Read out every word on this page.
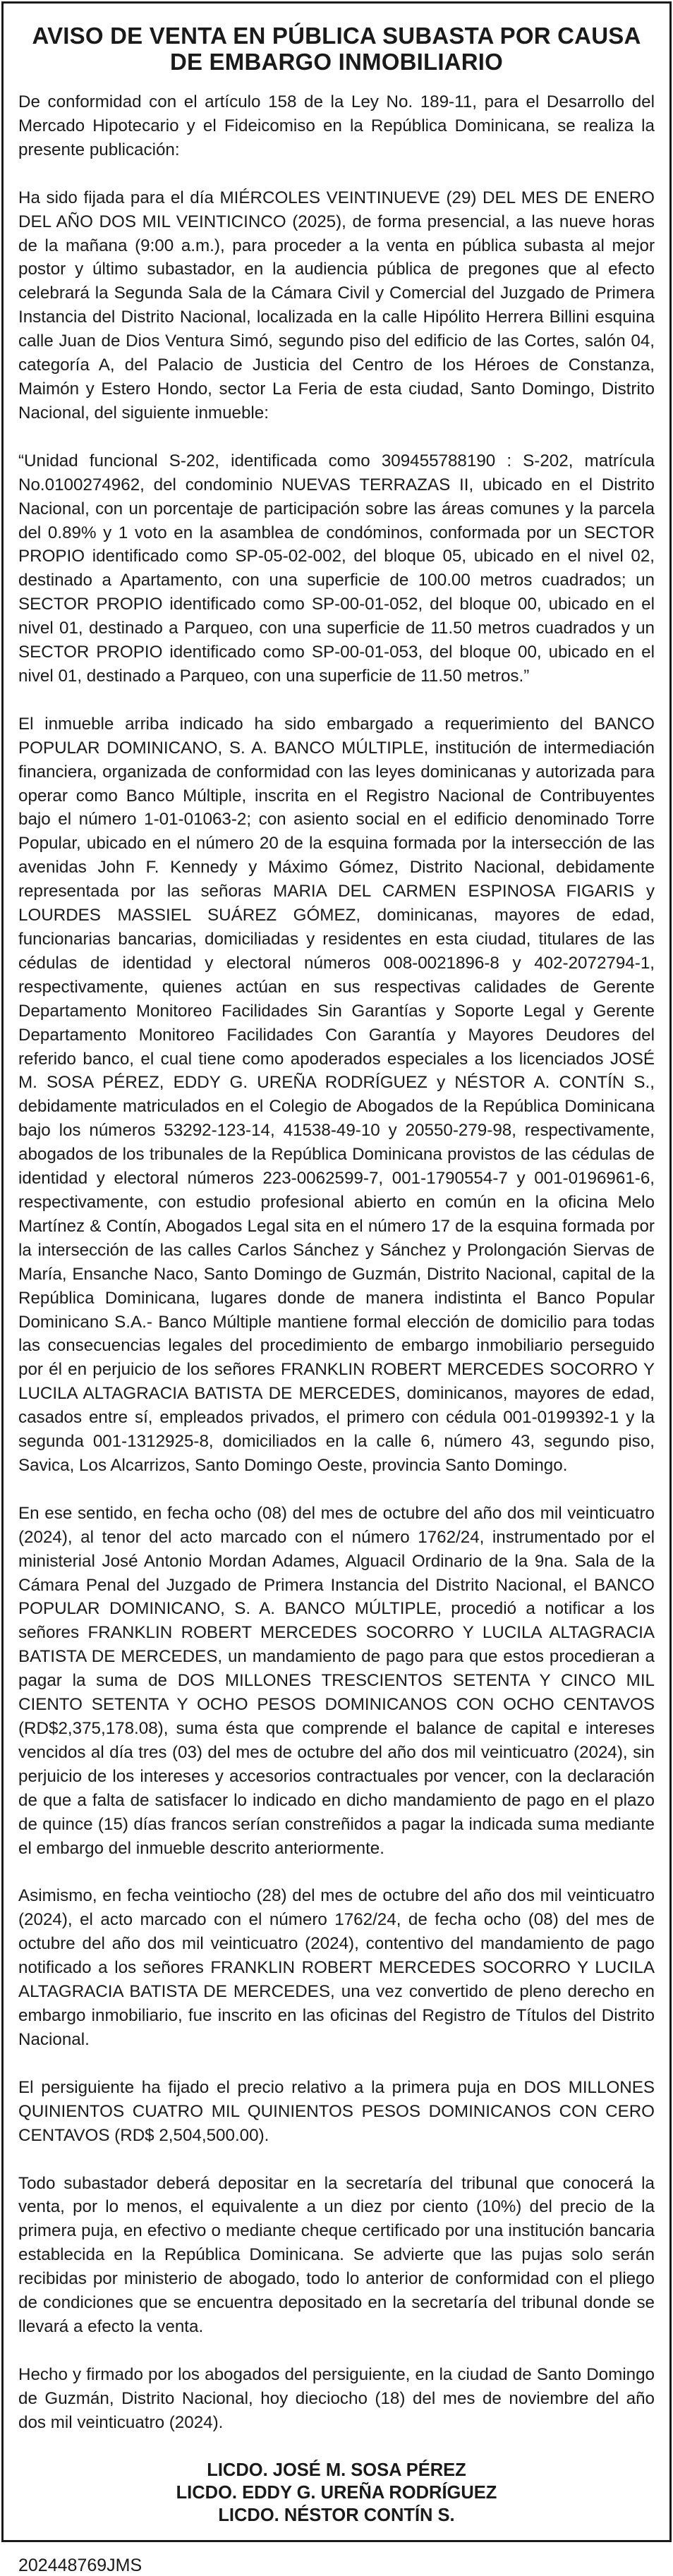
AVISO DE VENTA EN PÚBLICA SUBASTA POR CAUSA
DE EMBARGO INMOBILIARIO

De conformidad con el artículo 158 de la Ley No. 189-11, para el Desarrollo del Mercado Hipotecario y el Fideicomiso en la República Dominicana, se realiza la presente publicación:

Ha sido fijada para el día MIÉRCOLES VEINTINUEVE (29) DEL MES DE ENERO DEL AÑO DOS MIL VEINTICINCO (2025), de forma presencial, a las nueve horas de la mañana (9:00 a.m.), para proceder a la venta en pública subasta al mejor postor y último subastador, en la audiencia pública de pregones que al efecto celebrará la Segunda Sala de la Cámara Civil y Comercial del Juzgado de Primera Instancia del Distrito Nacional, localizada en la calle Hipólito Herrera Billini esquina calle Juan de Dios Ventura Simó, segundo piso del edificio de las Cortes, salón 04, categoría A, del Palacio de Justicia del Centro de los Héroes de Constanza, Maimón y Estero Hondo, sector La Feria de esta ciudad, Santo Domingo, Distrito Nacional, del siguiente inmueble:

“Unidad funcional S-202, identificada como 309455788190 : S-202, matrícula No.0100274962, del condominio NUEVAS TERRAZAS II, ubicado en el Distrito Nacional, con un porcentaje de participación sobre las áreas comunes y la parcela del 0.89% y 1 voto en la asamblea de condóminos, conformada por un SECTOR PROPIO identificado como SP-05-02-002, del bloque 05, ubicado en el nivel 02, destinado a Apartamento, con una superficie de 100.00 metros cuadrados; un SECTOR PROPIO identificado como SP-00-01-052, del bloque 00, ubicado en el nivel 01, destinado a Parqueo, con una superficie de 11.50 metros cuadrados y un SECTOR PROPIO identificado como SP-00-01-053, del bloque 00, ubicado en el nivel 01, destinado a Parqueo, con una superficie de 11.50 metros.”

El inmueble arriba indicado ha sido embargado a requerimiento del BANCO POPULAR DOMINICANO, S. A. BANCO MÚLTIPLE, institución de intermediación financiera, organizada de conformidad con las leyes dominicanas y autorizada para operar como Banco Múltiple, inscrita en el Registro Nacional de Contribuyentes bajo el número 1-01-01063-2; con asiento social en el edificio denominado Torre Popular, ubicado en el número 20 de la esquina formada por la intersección de las avenidas John F. Kennedy y Máximo Gómez, Distrito Nacional, debidamente representada por las señoras MARIA DEL CARMEN ESPINOSA FIGARIS y LOURDES MASSIEL SUÁREZ GÓMEZ, dominicanas, mayores de edad, funcionarias bancarias, domiciliadas y residentes en esta ciudad, titulares de las cédulas de identidad y electoral números 008-0021896-8 y 402-2072794-1, respectivamente, quienes actúan en sus respectivas calidades de Gerente Departamento Monitoreo Facilidades Sin Garantías y Soporte Legal y Gerente Departamento Monitoreo Facilidades Con Garantía y Mayores Deudores del referido banco, el cual tiene como apoderados especiales a los licenciados JOSÉ M. SOSA PÉREZ, EDDY G. UREÑA RODRÍGUEZ y NÉSTOR A. CONTÍN S., debidamente matriculados en el Colegio de Abogados de la República Dominicana bajo los números 53292-123-14, 41538-49-10 y 20550-279-98, respectivamente, abogados de los tribunales de la República Dominicana provistos de las cédulas de identidad y electoral números 223-0062599-7, 001-1790554-7 y 001-0196961-6, respectivamente, con estudio profesional abierto en común en la oficina Melo Martínez & Contín, Abogados Legal sita en el número 17 de la esquina formada por la intersección de las calles Carlos Sánchez y Sánchez y Prolongación Siervas de María, Ensanche Naco, Santo Domingo de Guzmán, Distrito Nacional, capital de la República Dominicana, lugares donde de manera indistinta el Banco Popular Dominicano S.A.- Banco Múltiple mantiene formal elección de domicilio para todas las consecuencias legales del procedimiento de embargo inmobiliario perseguido por él en perjuicio de los señores FRANKLIN ROBERT MERCEDES SOCORRO Y LUCILA ALTAGRACIA BATISTA DE MERCEDES, dominicanos, mayores de edad, casados entre sí, empleados privados, el primero con cédula 001-0199392-1 y la segunda 001-1312925-8, domiciliados en la calle 6, número 43, segundo piso, Savica, Los Alcarrizos, Santo Domingo Oeste, provincia Santo Domingo.

En ese sentido, en fecha ocho (08) del mes de octubre del año dos mil veinticuatro (2024), al tenor del acto marcado con el número 1762/24, instrumentado por el ministerial José Antonio Mordan Adames, Alguacil Ordinario de la 9na. Sala de la Cámara Penal del Juzgado de Primera Instancia del Distrito Nacional, el BANCO POPULAR DOMINICANO, S. A. BANCO MÚLTIPLE, procedió a notificar a los señores FRANKLIN ROBERT MERCEDES SOCORRO Y LUCILA ALTAGRACIA BATISTA DE MERCEDES, un mandamiento de pago para que estos procedieran a pagar la suma de DOS MILLONES TRESCIENTOS SETENTA Y CINCO MIL CIENTO SETENTA Y OCHO PESOS DOMINICANOS CON OCHO CENTAVOS (RD$2,375,178.08), suma ésta que comprende el balance de capital e intereses vencidos al día tres (03) del mes de octubre del año dos mil veinticuatro (2024), sin perjuicio de los intereses y accesorios contractuales por vencer, con la declaración de que a falta de satisfacer lo indicado en dicho mandamiento de pago en el plazo de quince (15) días francos serían constreñidos a pagar la indicada suma mediante el embargo del inmueble descrito anteriormente.

Asimismo, en fecha veintiocho (28) del mes de octubre del año dos mil veinticuatro (2024), el acto marcado con el número 1762/24, de fecha ocho (08) del mes de octubre del año dos mil veinticuatro (2024), contentivo del mandamiento de pago notificado a los señores FRANKLIN ROBERT MERCEDES SOCORRO Y LUCILA ALTAGRACIA BATISTA DE MERCEDES, una vez convertido de pleno derecho en embargo inmobiliario, fue inscrito en las oficinas del Registro de Títulos del Distrito Nacional.

El persiguiente ha fijado el precio relativo a la primera puja en DOS MILLONES QUINIENTOS CUATRO MIL QUINIENTOS PESOS DOMINICANOS CON CERO CENTAVOS (RD$ 2,504,500.00).

Todo subastador deberá depositar en la secretaría del tribunal que conocerá la venta, por lo menos, el equivalente a un diez por ciento (10%) del precio de la primera puja, en efectivo o mediante cheque certificado por una institución bancaria establecida en la República Dominicana. Se advierte que las pujas solo serán recibidas por ministerio de abogado, todo lo anterior de conformidad con el pliego de condiciones que se encuentra depositado en la secretaría del tribunal donde se llevará a efecto la venta.

Hecho y firmado por los abogados del persiguiente, en la ciudad de Santo Domingo de Guzmán, Distrito Nacional, hoy dieciocho (18) del mes de noviembre del año dos mil veinticuatro (2024).

LICDO. JOSÉ M. SOSA PÉREZ
LICDO. EDDY G. UREÑA RODRÍGUEZ
LICDO. NÉSTOR CONTÍN S.
202448769JMS
